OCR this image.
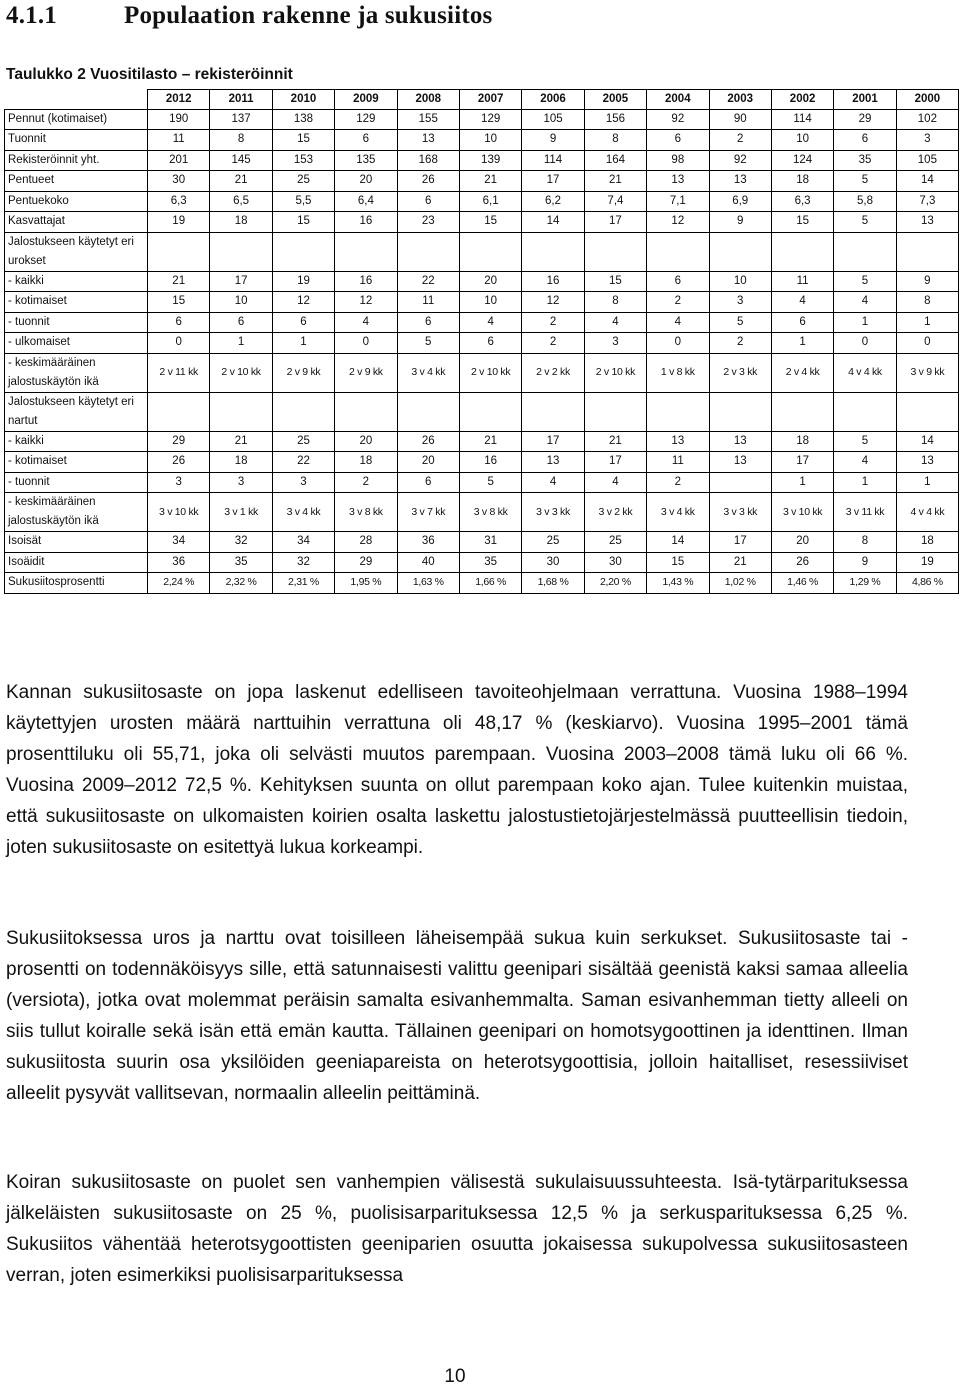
4.1.1	Populaation rakenne ja sukusiitos

Taulukko 2 Vuositilasto – rekisteröinnit

	2012	2011	2010	2009	2008	2007	2006	2005	2004	2003	2002	2001	2000
Pennut (kotimaiset)	190	137	138	129	155	129	105	156	92	90	114	29	102
Tuonnit	11	8	15	6	13	10	9	8	6	2	10	6	3
Rekisteröinnit yht.	201	145	153	135	168	139	114	164	98	92	124	35	105
Pentueet	30	21	25	20	26	21	17	21	13	13	18	5	14
Pentuekoko	6,3	6,5	5,5	6,4	6	6,1	6,2	7,4	7,1	6,9	6,3	5,8	7,3
Kasvattajat	19	18	15	16	23	15	14	17	12	9	15	5	13
Jalostukseen käytetyt eri urokset													
- kaikki	21	17	19	16	22	20	16	15	6	10	11	5	9
- kotimaiset	15	10	12	12	11	10	12	8	2	3	4	4	8
- tuonnit	6	6	6	4	6	4	2	4	4	5	6	1	1
- ulkomaiset	0	1	1	0	5	6	2	3	0	2	1	0	0
- keskimääräinen jalostuskäytön ikä	2 v 11 kk	2 v 10 kk	2 v 9 kk	2 v 9 kk	3 v 4 kk	2 v 10 kk	2 v 2 kk	2 v 10 kk	1 v 8 kk	2 v 3 kk	2 v 4 kk	4 v 4 kk	3 v 9 kk
Jalostukseen käytetyt eri nartut													
- kaikki	29	21	25	20	26	21	17	21	13	13	18	5	14
- kotimaiset	26	18	22	18	20	16	13	17	11	13	17	4	13
- tuonnit	3	3	3	2	6	5	4	4	2		1	1	1
- keskimääräinen jalostuskäytön ikä	3 v 10 kk	3 v 1 kk	3 v 4 kk	3 v 8 kk	3 v 7 kk	3 v 8 kk	3 v 3 kk	3 v 2 kk	3 v 4 kk	3 v 3 kk	3 v 10 kk	3 v 11 kk	4 v 4 kk
Isoisät	34	32	34	28	36	31	25	25	14	17	20	8	18
Isoäidit	36	35	32	29	40	35	30	30	15	21	26	9	19
Sukusiitosprosentti	2,24 %	2,32 %	2,31 %	1,95 %	1,63 %	1,66 %	1,68 %	2,20 %	1,43 %	1,02 %	1,46 %	1,29 %	4,86 %

Kannan sukusiitosaste on jopa laskenut edelliseen tavoiteohjelmaan verrattuna. Vuosina 1988–1994 käytettyjen urosten määrä narttuihin verrattuna oli 48,17 % (keskiarvo). Vuosina 1995–2001 tämä prosenttiluku oli 55,71, joka oli selvästi muutos parempaan. Vuosina 2003–2008 tämä luku oli 66 %. Vuosina 2009–2012 72,5 %. Kehityksen suunta on ollut parempaan koko ajan. Tulee kuitenkin muistaa, että sukusiitosaste on ulkomaisten koirien osalta laskettu jalostustietojärjestelmässä puutteellisin tiedoin, joten sukusiitosaste on esitettyä lukua korkeampi.

Sukusiitoksessa uros ja narttu ovat toisilleen läheisempää sukua kuin serkukset. Sukusiitosaste tai -prosentti on todennäköisyys sille, että satunnaisesti valittu geenipari sisältää geenistä kaksi samaa alleelia (versiota), jotka ovat molemmat peräisin samalta esivanhemmalta. Saman esivanhemman tietty alleeli on siis tullut koiralle sekä isän että emän kautta. Tällainen geenipari on homotsygoottinen ja identtinen. Ilman sukusiitosta suurin osa yksilöiden geeniapareista on heterotsygoottisia, jolloin haitalliset, resessiiviset alleelit pysyvät vallitsevan, normaalin alleelin peittäminä.

Koiran sukusiitosaste on puolet sen vanhempien välisestä sukulaisuussuhteesta. Isä-tytärparituksessa jälkeläisten sukusiitosaste on 25 %, puolisisarparituksessa 12,5 % ja serkusparituksessa 6,25 %. Sukusiitos vähentää heterotsygoottisten geeniparien osuutta jokaisessa sukupolvessa sukusiitosasteen verran, joten esimerkiksi puolisisarparituksessa

10
